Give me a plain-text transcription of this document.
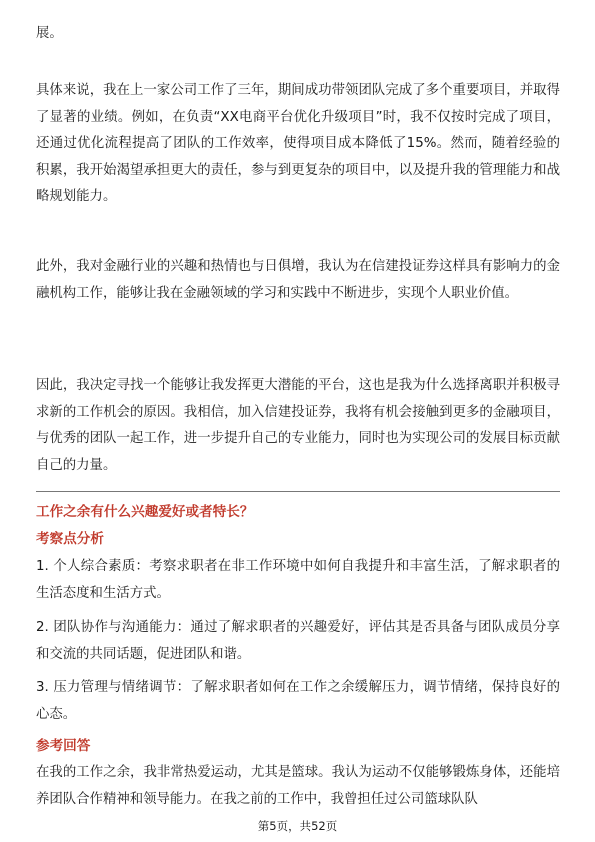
展。

具体来说，我在上一家公司工作了三年，期间成功带领团队完成了多个重要项目，并取得了显著的业绩。例如，在负责“XX电商平台优化升级项目”时，我不仅按时完成了项目，还通过优化流程提高了团队的工作效率，使得项目成本降低了15%。然而，随着经验的积累，我开始渴望承担更大的责任，参与到更复杂的项目中，以及提升我的管理能力和战略规划能力。

此外，我对金融行业的兴趣和热情也与日俱增，我认为在信建投证券这样具有影响力的金融机构工作，能够让我在金融领域的学习和实践中不断进步，实现个人职业价值。

因此，我决定寻找一个能够让我发挥更大潜能的平台，这也是我为什么选择离职并积极寻求新的工作机会的原因。我相信，加入信建投证券，我将有机会接触到更多的金融项目，与优秀的团队一起工作，进一步提升自己的专业能力，同时也为实现公司的发展目标贡献自己的力量。

工作之余有什么兴趣爱好或者特长？
考察点分析

1. 个人综合素质：考察求职者在非工作环境中如何自我提升和丰富生活，了解求职者的生活态度和生活方式。

2. 团队协作与沟通能力：通过了解求职者的兴趣爱好，评估其是否具备与团队成员分享和交流的共同话题，促进团队和谐。

3. 压力管理与情绪调节：了解求职者如何在工作之余缓解压力，调节情绪，保持良好的心态。

参考回答

在我的工作之余，我非常热爱运动，尤其是篮球。我认为运动不仅能够锻炼身体，还能培养团队合作精神和领导能力。在我之前的工作中，我曾担任过公司篮球队队

第5页，共52页
